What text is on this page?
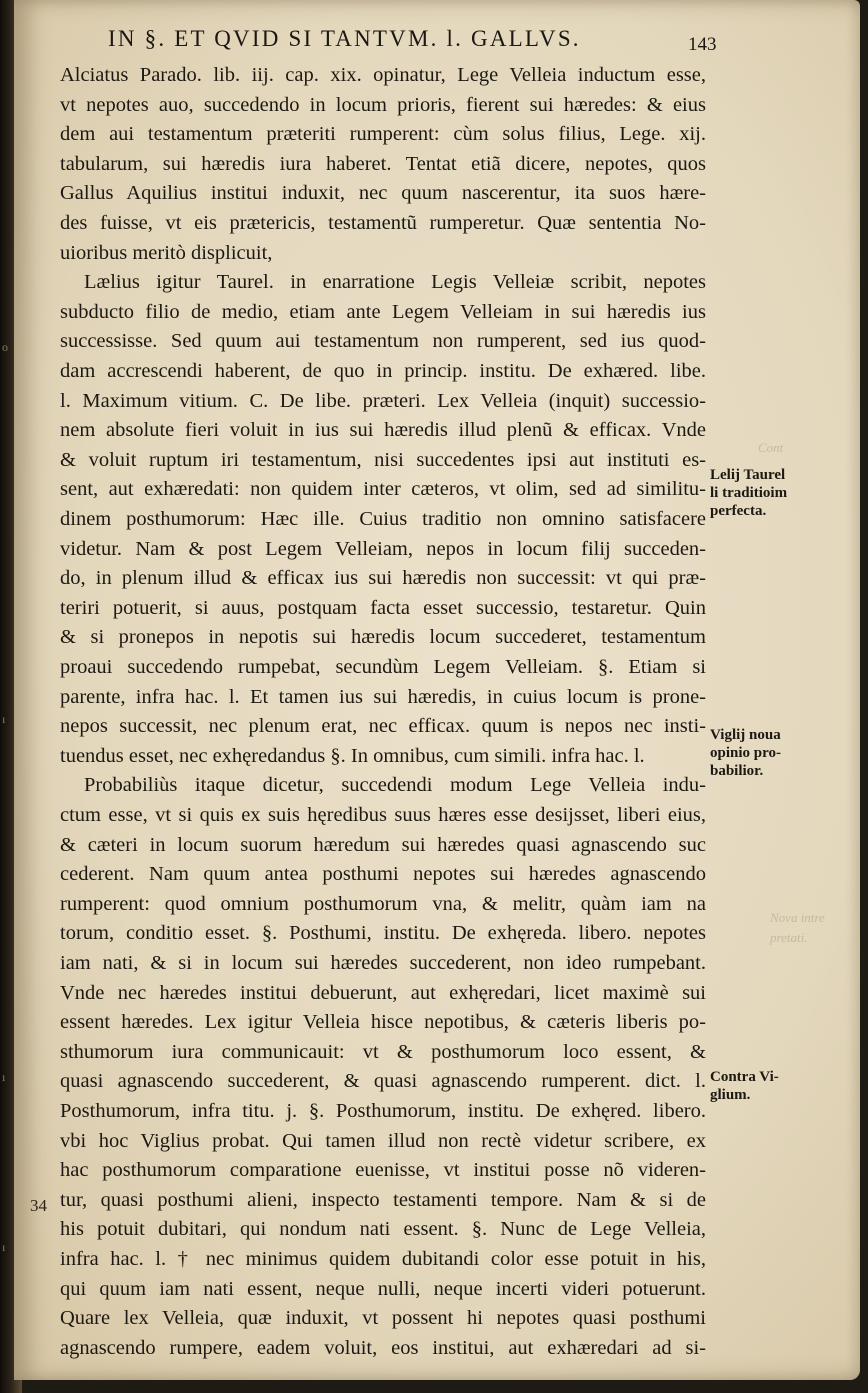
o
ı
ı
ı
Cont
Nova intre
pretati.
IN §. ET QVID SI TANTVM. l. GALLVS.	143
Alciatus Parado. lib. iij. cap. xix. opinatur, Lege Velleia inductum esse,
vt nepotes auo, succedendo in locum prioris, fierent sui hæredes: & eius
dem aui testamentum præteriti rumperent: cùm solus filius, Lege. xij.
tabularum, sui hæredis iura haberet. Tentat etiã dicere, nepotes, quos
Gallus Aquilius institui induxit, nec quum nascerentur, ita suos hære-
des fuisse, vt eis prætericis, testamentũ rumperetur. Quæ sententia No-
uioribus meritò displicuit,
Lælius igitur Taurel. in enarratione Legis Velleiæ scribit, nepotes
subducto filio de medio, etiam ante Legem Velleiam in sui hæredis ius
successisse. Sed quum aui testamentum non rumperent, sed ius quod-
dam accrescendi haberent, de quo in princip. institu. De exhæred. libe.
l. Maximum vitium. C. De libe. præteri. Lex Velleia (inquit) successio-
nem absolute fieri voluit in ius sui hæredis illud plenũ & efficax. Vnde
& voluit ruptum iri testamentum, nisi succedentes ipsi aut instituti es-
sent, aut exhæredati: non quidem inter cæteros, vt olim, sed ad similitu-
dinem posthumorum: Hæc ille. Cuius traditio non omnino satisfacere
videtur. Nam & post Legem Velleiam, nepos in locum filij succeden-
do, in plenum illud & efficax ius sui hæredis non successit: vt qui præ-
teriri potuerit, si auus, postquam facta esset successio, testaretur. Quin
& si pronepos in nepotis sui hæredis locum succederet, testamentum
proaui succedendo rumpebat, secundùm Legem Velleiam. §. Etiam si
parente, infra hac. l. Et tamen ius sui hæredis, in cuius locum is prone-
nepos successit, nec plenum erat, nec efficax. quum is nepos nec insti-
tuendus esset, nec exhęredandus §. In omnibus, cum simili. infra hac. l.
Probabiliùs itaque dicetur, succedendi modum Lege Velleia indu-
ctum esse, vt si quis ex suis hęredibus suus hæres esse desijsset, liberi eius,
& cæteri in locum suorum hæredum sui hæredes quasi agnascendo suc
cederent. Nam quum antea posthumi nepotes sui hæredes agnascendo
rumperent: quod omnium posthumorum vna, & melitr, quàm iam na
torum, conditio esset. §. Posthumi, institu. De exhęreda. libero. nepotes
iam nati, & si in locum sui hæredes succederent, non ideo rumpebant.
Vnde nec hæredes institui debuerunt, aut exhęredari, licet maximè sui
essent hæredes. Lex igitur Velleia hisce nepotibus, & cæteris liberis po-
sthumorum iura communicauit: vt & posthumorum loco essent, &
quasi agnascendo succederent, & quasi agnascendo rumperent. dict. l.
Posthumorum, infra titu. j. §. Posthumorum, institu. De exhęred. libero.
vbi hoc Viglius probat. Qui tamen illud non rectè videtur scribere, ex
hac posthumorum comparatione euenisse, vt institui posse nõ videren-
tur, quasi posthumi alieni, inspecto testamenti tempore. Nam & si de
his potuit dubitari, qui nondum nati essent. §. Nunc de Lege Velleia,
infra hac. l. † nec minimus quidem dubitandi color esse potuit in his,
qui quum iam nati essent, neque nulli, neque incerti videri potuerunt.
Quare lex Velleia, quæ induxit, vt possent hi nepotes quasi posthumi
agnascendo rumpere, eadem voluit, eos institui, aut exhæredari ad si-
Lelij Taurel
li traditioim
perfecta.
Viglij noua
opinio pro-
babilior.
Contra Vi-
glium.
34
